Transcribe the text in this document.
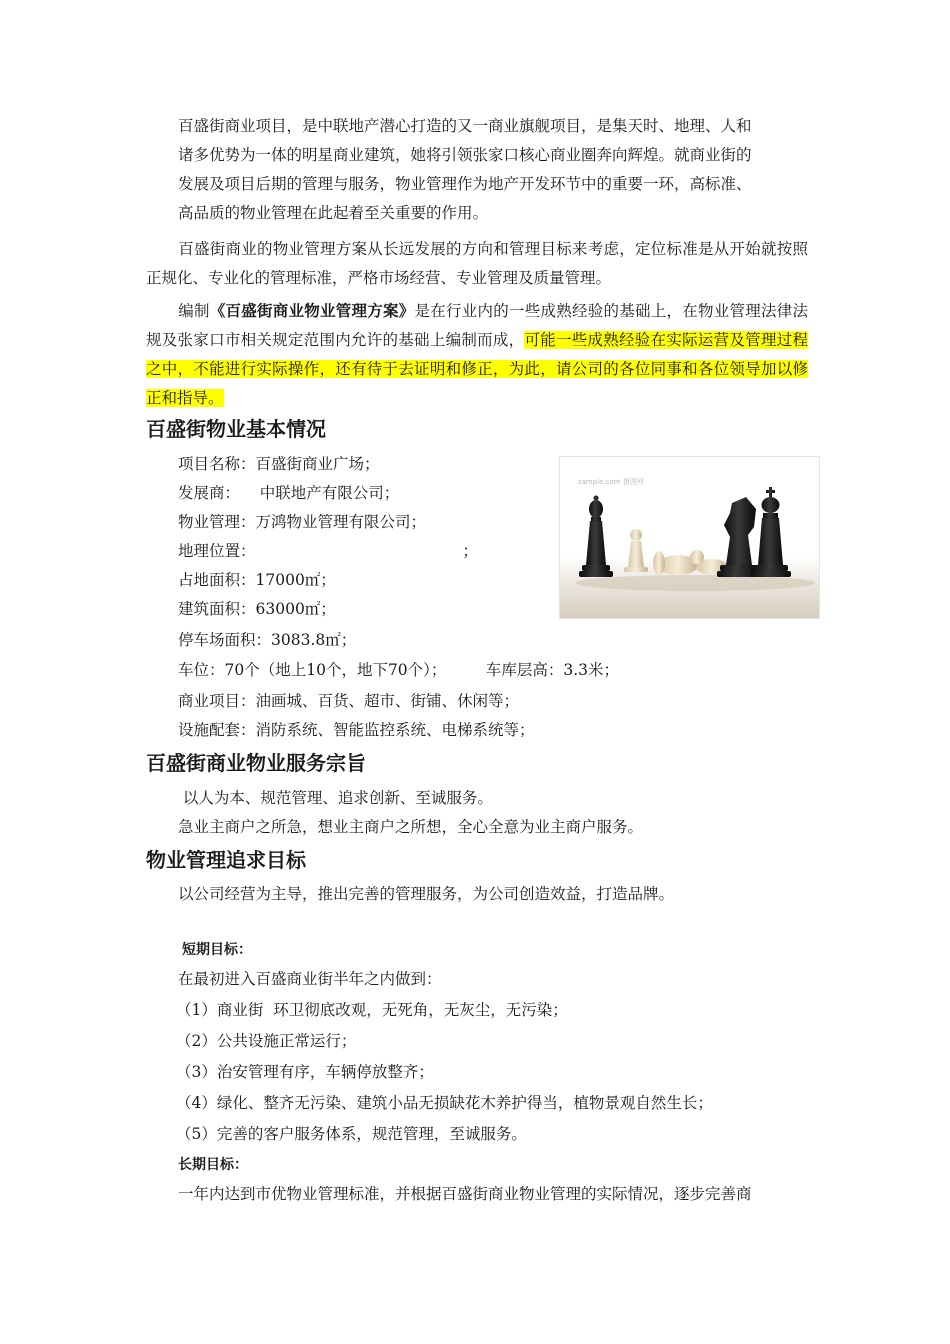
百盛街商业项目，是中联地产潜心打造的又一商业旗舰项目，是集天时、地理、人和
诸多优势为一体的明星商业建筑，她将引领张家口核心商业圈奔向辉煌。就商业街的
发展及项目后期的管理与服务，物业管理作为地产开发环节中的重要一环，高标准、
高品质的物业管理在此起着至关重要的作用。
百盛街商业的物业管理方案从长远发展的方向和管理目标来考虑，定位标准是从开始就按照正规化、专业化的管理标准，严格市场经营、专业管理及质量管理。
编制《百盛街商业物业管理方案》是在行业内的一些成熟经验的基础上，在物业管理法律法规及张家口市相关规定范围内允许的基础上编制而成，可能一些成熟经验在实际运营及管理过程之中，不能进行实际操作，还有待于去证明和修正，为此，请公司的各位同事和各位领导加以修正和指导。
百盛街物业基本情况
项目名称：百盛街商业广场；
发展商：    中联地产有限公司；
物业管理：万鸿物业管理有限公司；
地理位置：                                          ；
占地面积：17000㎡；
建筑面积：63000㎡；
停车场面积：3083.8㎡；
车位：70个（地上10个，地下70个）；        车库层高：3.3米；
商业项目：油画城、百货、超市、街铺、休闲等；
设施配套：消防系统、智能监控系统、电梯系统等；
sample.com 摄图网
百盛街商业物业服务宗旨
以人为本、规范管理、追求创新、至诚服务。
急业主商户之所急，想业主商户之所想，全心全意为业主商户服务。
物业管理追求目标
以公司经营为主导，推出完善的管理服务，为公司创造效益，打造品牌。
短期目标：
在最初进入百盛商业街半年之内做到：
（1）商业街  环卫彻底改观，无死角，无灰尘，无污染；
（2）公共设施正常运行；
（3）治安管理有序，车辆停放整齐；
（4）绿化、整齐无污染、建筑小品无损缺花木养护得当，植物景观自然生长；
（5）完善的客户服务体系，规范管理，至诚服务。
长期目标：
一年内达到市优物业管理标准，并根据百盛街商业物业管理的实际情况，逐步完善商
